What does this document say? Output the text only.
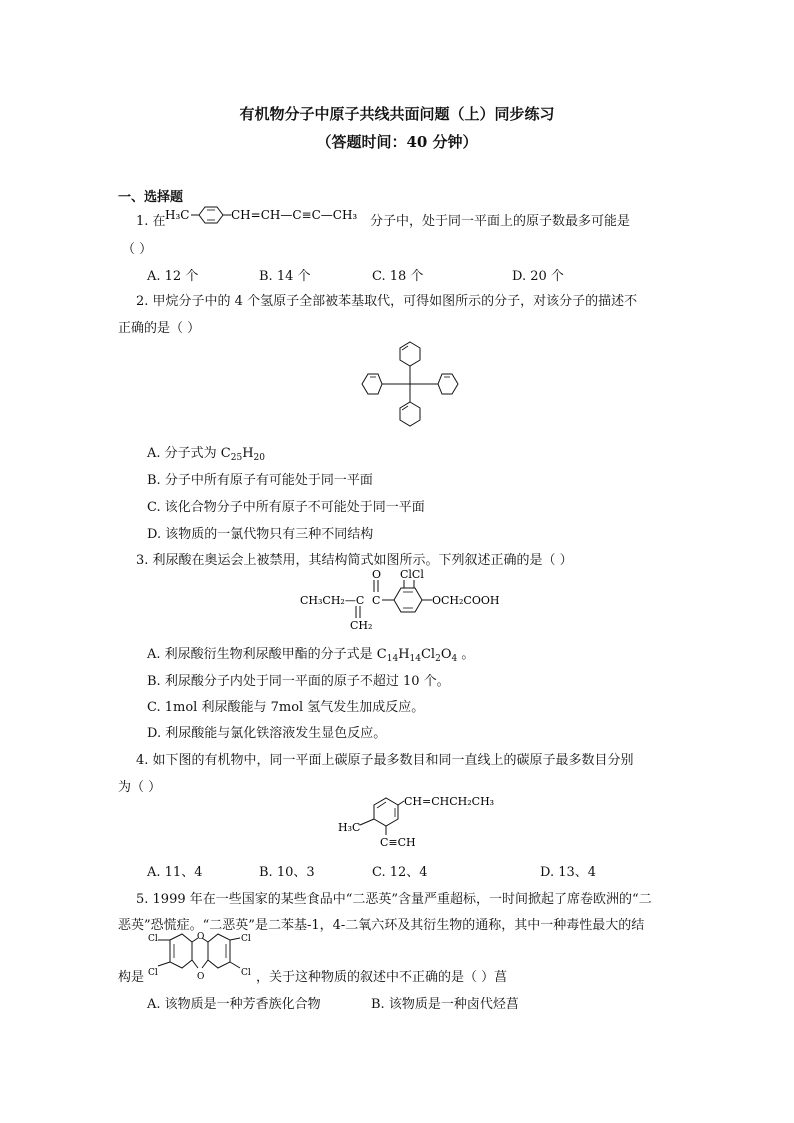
有机物分子中原子共线共面问题（上）同步练习
（答题时间：40 分钟）
一、选择题
1. 在 H₃C	CH=CH—C≡C—CH₃ 分子中，处于同一平面上的原子数最多可能是
（ ）
A. 12 个	B. 14 个	C. 18 个	D. 20 个
2. 甲烷分子中的 4 个氢原子全部被苯基取代，可得如图所示的分子，对该分子的描述不
正确的是（ ）
A. 分子式为 $C_{25}H_{20}$
B. 分子中所有原子有可能处于同一平面
C. 该化合物分子中所有原子不可能处于同一平面
D. 该物质的一氯代物只有三种不同结构
3. 利尿酸在奥运会上被禁用，其结构简式如图所示。下列叙述正确的是（ ）
O
CH₃CH₂—C C
ClCl
OCH₂COOH
CH₂
A. 利尿酸衍生物利尿酸甲酯的分子式是 $C_{14}H_{14}Cl_2O_4$ 。
B. 利尿酸分子内处于同一平面的原子不超过 10 个。
C. 1mol 利尿酸能与 7mol 氢气发生加成反应。
D. 利尿酸能与氯化铁溶液发生显色反应。
4. 如下图的有机物中，同一平面上碳原子最多数目和同一直线上的碳原子最多数目分别
为（ ）
CH=CHCH₂CH₃
H₃C
C≡CH
A. 11、4	B. 10、3	C. 12、4	D. 13、4
5. 1999 年在一些国家的某些食品中“二恶英”含量严重超标，一时间掀起了席卷欧洲的“二
恶英”恐慌症。“二恶英”是二苯基-1，4-二氧六环及其衍生物的通称，其中一种毒性最大的结
构是
Cl
Cl
Cl
Cl
O
O	，关于这种物质的叙述中不正确的是（ ）菖
A. 该物质是一种芳香族化合物	B. 该物质是一种卤代烃菖
